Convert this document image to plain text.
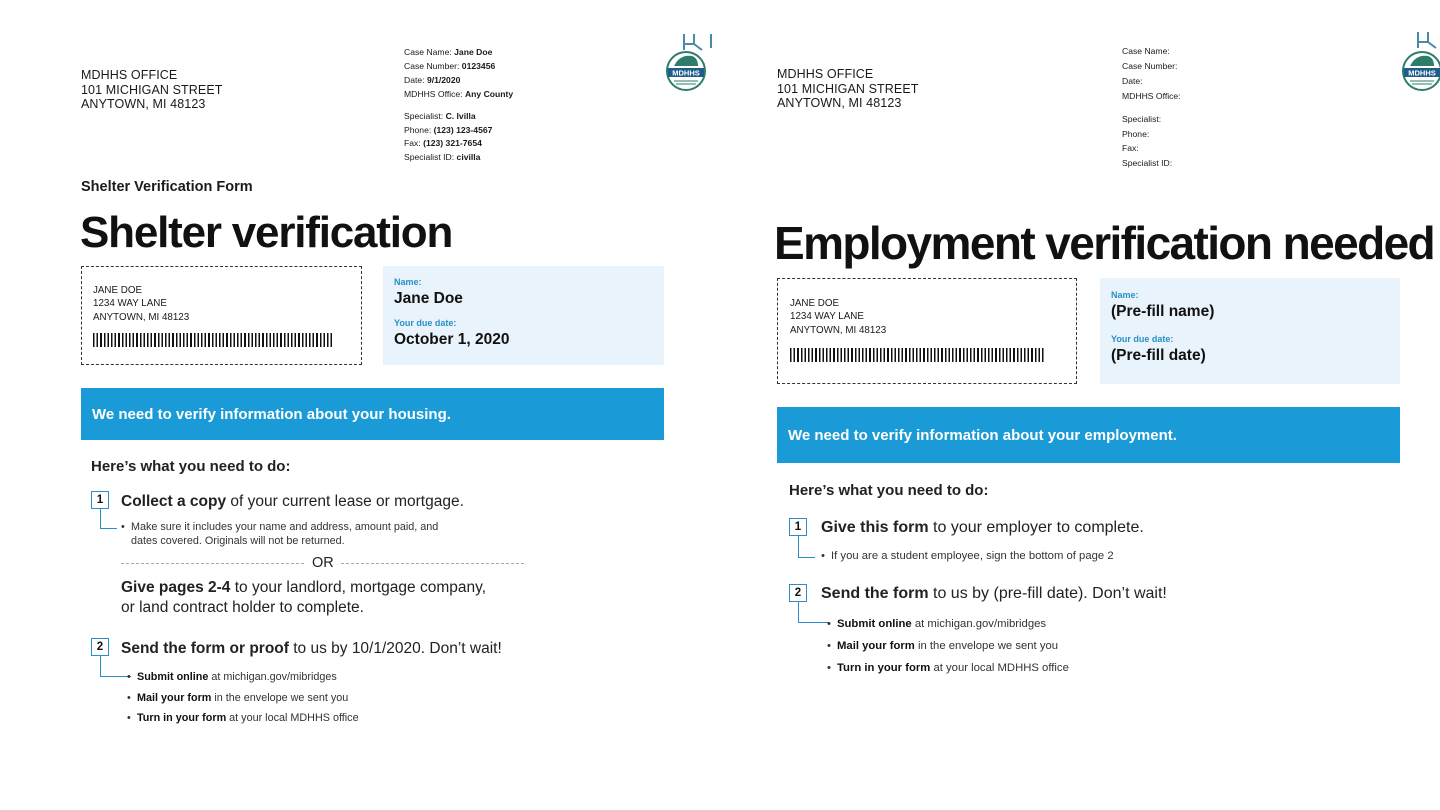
MDHHS OFFICE
101 MICHIGAN STREET
ANYTOWN, MI 48123
Case Name: Jane Doe
Case Number: 0123456
Date: 9/1/2020
MDHHS Office: Any County
Specialist: C. Ivilla
Phone: (123) 123-4567
Fax: (123) 321-7654
Specialist ID: civilla
MDHHS
Shelter Verification Form
Shelter verification
JANE DOE
1234 WAY LANE
ANYTOWN, MI 48123
Name:
Jane Doe
Your due date:
October 1, 2020
We need to verify information about your housing.
Here’s what you need to do:
1	Collect a copy of your current lease or mortgage.
• Make sure it includes your name and address, amount paid, and
dates covered. Originals will not be returned.
OR
Give pages 2-4 to your landlord, mortgage company,
or land contract holder to complete.
2	Send the form or proof to us by 10/1/2020. Don’t wait!
• Submit online at michigan.gov/mibridges
• Mail your form in the envelope we sent you
• Turn in your form at your local MDHHS office
MDHHS OFFICE
101 MICHIGAN STREET
ANYTOWN, MI 48123
Case Name:
Case Number:
Date:
MDHHS Office:
Specialist:
Phone:
Fax:
Specialist ID:
MDHHS
Employment verification needed
JANE DOE
1234 WAY LANE
ANYTOWN, MI 48123
Name:
(Pre-fill name)
Your due date:
(Pre-fill date)
We need to verify information about your employment.
Here’s what you need to do:
1	Give this form to your employer to complete.
• If you are a student employee, sign the bottom of page 2
2	Send the form to us by (pre-fill date). Don’t wait!
• Submit online at michigan.gov/mibridges
• Mail your form in the envelope we sent you
• Turn in your form at your local MDHHS office
